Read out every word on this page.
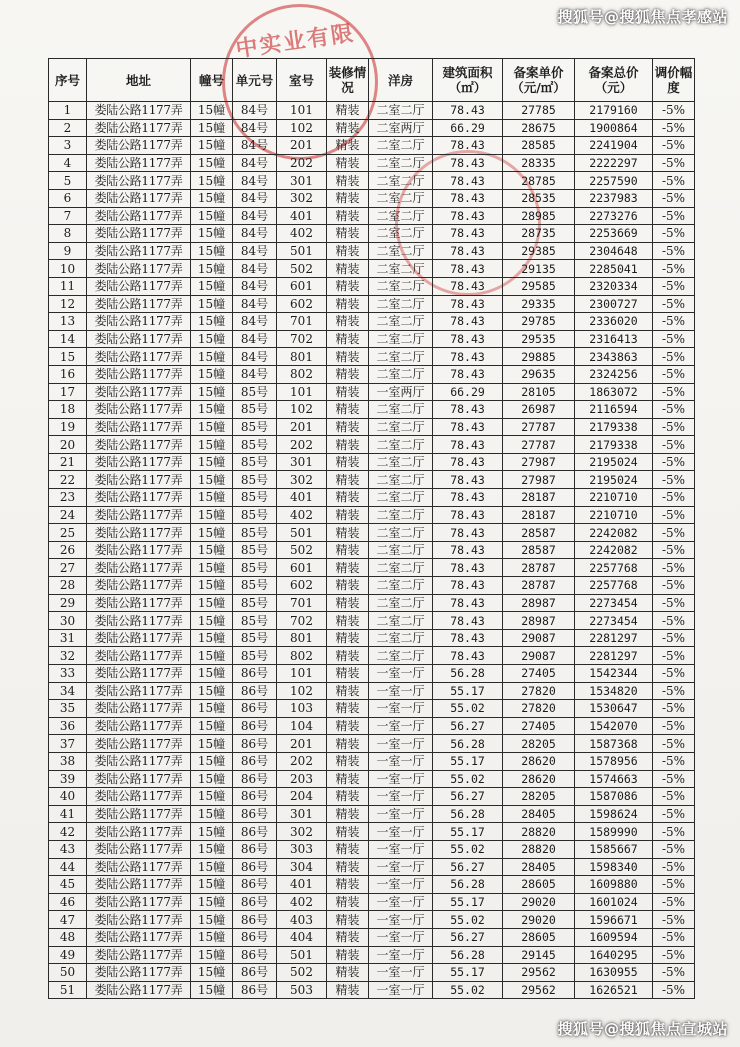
中实业有限
序号	地址	幢号	单元号	室号	装修情况	洋房	建筑面积（㎡）	备案单价（元/㎡）	备案总价（元）	调价幅度
1	娄陆公路1177弄	15幢	84号	101	精装	二室二厅	78.43	27785	2179160	-5%
2	娄陆公路1177弄	15幢	84号	102	精装	二室两厅	66.29	28675	1900864	-5%
3	娄陆公路1177弄	15幢	84号	201	精装	二室二厅	78.43	28585	2241904	-5%
4	娄陆公路1177弄	15幢	84号	202	精装	二室二厅	78.43	28335	2222297	-5%
5	娄陆公路1177弄	15幢	84号	301	精装	二室二厅	78.43	28785	2257590	-5%
6	娄陆公路1177弄	15幢	84号	302	精装	二室二厅	78.43	28535	2237983	-5%
7	娄陆公路1177弄	15幢	84号	401	精装	二室二厅	78.43	28985	2273276	-5%
8	娄陆公路1177弄	15幢	84号	402	精装	二室二厅	78.43	28735	2253669	-5%
9	娄陆公路1177弄	15幢	84号	501	精装	二室二厅	78.43	29385	2304648	-5%
10	娄陆公路1177弄	15幢	84号	502	精装	二室二厅	78.43	29135	2285041	-5%
11	娄陆公路1177弄	15幢	84号	601	精装	二室二厅	78.43	29585	2320334	-5%
12	娄陆公路1177弄	15幢	84号	602	精装	二室二厅	78.43	29335	2300727	-5%
13	娄陆公路1177弄	15幢	84号	701	精装	二室二厅	78.43	29785	2336020	-5%
14	娄陆公路1177弄	15幢	84号	702	精装	二室二厅	78.43	29535	2316413	-5%
15	娄陆公路1177弄	15幢	84号	801	精装	二室二厅	78.43	29885	2343863	-5%
16	娄陆公路1177弄	15幢	84号	802	精装	二室二厅	78.43	29635	2324256	-5%
17	娄陆公路1177弄	15幢	85号	101	精装	一室两厅	66.29	28105	1863072	-5%
18	娄陆公路1177弄	15幢	85号	102	精装	二室二厅	78.43	26987	2116594	-5%
19	娄陆公路1177弄	15幢	85号	201	精装	二室二厅	78.43	27787	2179338	-5%
20	娄陆公路1177弄	15幢	85号	202	精装	二室二厅	78.43	27787	2179338	-5%
21	娄陆公路1177弄	15幢	85号	301	精装	二室二厅	78.43	27987	2195024	-5%
22	娄陆公路1177弄	15幢	85号	302	精装	二室二厅	78.43	27987	2195024	-5%
23	娄陆公路1177弄	15幢	85号	401	精装	二室二厅	78.43	28187	2210710	-5%
24	娄陆公路1177弄	15幢	85号	402	精装	二室二厅	78.43	28187	2210710	-5%
25	娄陆公路1177弄	15幢	85号	501	精装	二室二厅	78.43	28587	2242082	-5%
26	娄陆公路1177弄	15幢	85号	502	精装	二室二厅	78.43	28587	2242082	-5%
27	娄陆公路1177弄	15幢	85号	601	精装	二室二厅	78.43	28787	2257768	-5%
28	娄陆公路1177弄	15幢	85号	602	精装	二室二厅	78.43	28787	2257768	-5%
29	娄陆公路1177弄	15幢	85号	701	精装	二室二厅	78.43	28987	2273454	-5%
30	娄陆公路1177弄	15幢	85号	702	精装	二室二厅	78.43	28987	2273454	-5%
31	娄陆公路1177弄	15幢	85号	801	精装	二室二厅	78.43	29087	2281297	-5%
32	娄陆公路1177弄	15幢	85号	802	精装	二室二厅	78.43	29087	2281297	-5%
33	娄陆公路1177弄	15幢	86号	101	精装	一室一厅	56.28	27405	1542344	-5%
34	娄陆公路1177弄	15幢	86号	102	精装	一室一厅	55.17	27820	1534820	-5%
35	娄陆公路1177弄	15幢	86号	103	精装	一室一厅	55.02	27820	1530647	-5%
36	娄陆公路1177弄	15幢	86号	104	精装	一室一厅	56.27	27405	1542070	-5%
37	娄陆公路1177弄	15幢	86号	201	精装	一室一厅	56.28	28205	1587368	-5%
38	娄陆公路1177弄	15幢	86号	202	精装	一室一厅	55.17	28620	1578956	-5%
39	娄陆公路1177弄	15幢	86号	203	精装	一室一厅	55.02	28620	1574663	-5%
40	娄陆公路1177弄	15幢	86号	204	精装	一室一厅	56.27	28205	1587086	-5%
41	娄陆公路1177弄	15幢	86号	301	精装	一室一厅	56.28	28405	1598624	-5%
42	娄陆公路1177弄	15幢	86号	302	精装	一室一厅	55.17	28820	1589990	-5%
43	娄陆公路1177弄	15幢	86号	303	精装	一室一厅	55.02	28820	1585667	-5%
44	娄陆公路1177弄	15幢	86号	304	精装	一室一厅	56.27	28405	1598340	-5%
45	娄陆公路1177弄	15幢	86号	401	精装	一室一厅	56.28	28605	1609880	-5%
46	娄陆公路1177弄	15幢	86号	402	精装	一室一厅	55.17	29020	1601024	-5%
47	娄陆公路1177弄	15幢	86号	403	精装	一室一厅	55.02	29020	1596671	-5%
48	娄陆公路1177弄	15幢	86号	404	精装	一室一厅	56.27	28605	1609594	-5%
49	娄陆公路1177弄	15幢	86号	501	精装	一室一厅	56.28	29145	1640295	-5%
50	娄陆公路1177弄	15幢	86号	502	精装	一室一厅	55.17	29562	1630955	-5%
51	娄陆公路1177弄	15幢	86号	503	精装	一室一厅	55.02	29562	1626521	-5%
搜狐号@搜狐焦点孝感站
搜狐号@搜狐焦点宣城站
